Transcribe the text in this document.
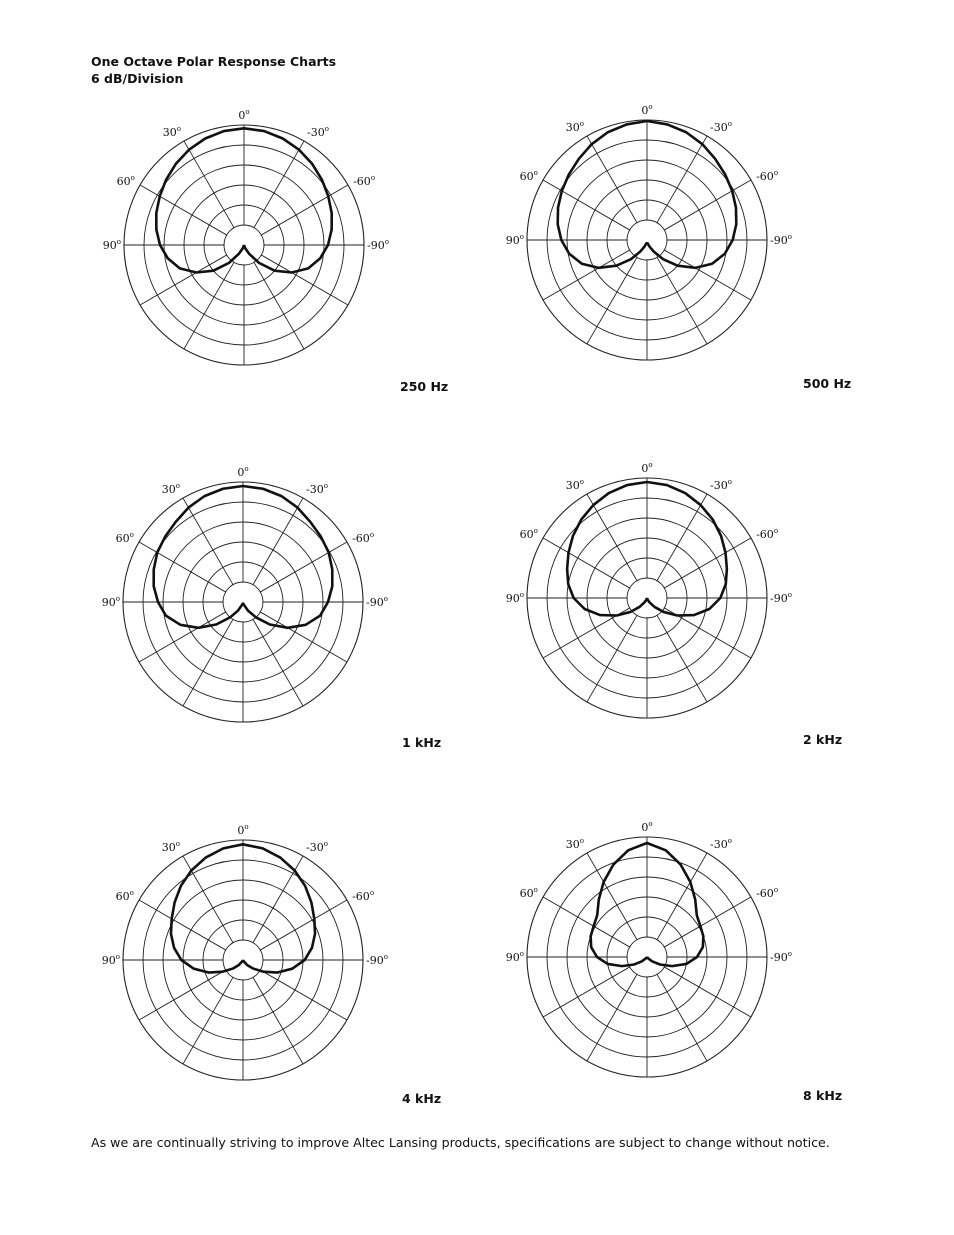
One Octave Polar Response Charts
6 dB/Division
0$^o$
30$^o$	-30$^o$
60$^o$	-60$^o$
90$^o$	-90$^o$
250 Hz
0$^o$
30$^o$	-30$^o$
60$^o$	-60$^o$
90$^o$	-90$^o$
500 Hz
0$^o$
30$^o$	-30$^o$
60$^o$	-60$^o$
90$^o$	-90$^o$
1 kHz
0$^o$
30$^o$	-30$^o$
60$^o$	-60$^o$
90$^o$	-90$^o$
2 kHz
0$^o$
30$^o$	-30$^o$
60$^o$	-60$^o$
90$^o$	-90$^o$
4 kHz
0$^o$
30$^o$	-30$^o$
60$^o$	-60$^o$
90$^o$	-90$^o$
8 kHz
As we are continually striving to improve Altec Lansing products, specifications are subject to change without notice.
